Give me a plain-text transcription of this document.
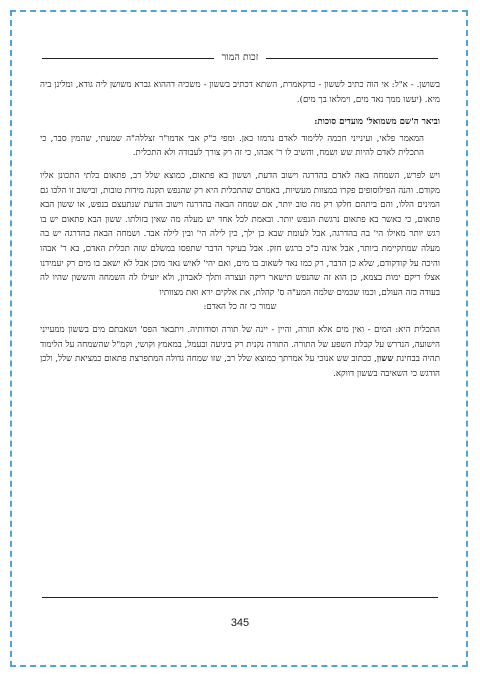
זכות המור

בשושן. - א"ל: אי הוה כתיב לששון - כדקאמרת, השתא דכתיב בששון - משכיה דההוא גברא משושן ליה גודא, ומלינן ביה מיא. (יעשו ממך נאד מים, וימלאו בך מים).

וביאר ה'שם משמואל' מועדים סוכות:

המאמר פלאי, ועינייני חכמה ללימוד לאדם נרמזו כאן. ומפי כ"ק אבי אדמו"ר זצללה"ה שמעתי, שהמין סבר, כי התכלית לאדם להיות שש ושמח, והשיב לו ר' אבהו, כי זה רק צורך לעבודה ולא התכלית.

ויש לפרש, השמחה באה לאדם בהדרגה וישוב הדעת, וששון בא פתאום, כמוצא שלל רב, פתאום בלתי התכונן אליו מקודם. והנה הפילוסופים פקרו במצוות מעשיות, באמרם שהתכלית היא רק שהנפש תקנה מידות טובות, ובישוב זו הלכו גם המינים הללו, והם ביתהם חלקו רק מה טוב יותר, אם שמחה הבאה בהדרגה וישוב הדעת שנתעצם בנפש, או ששון הבא פתאום, כי כאשר בא פתאום נרגשת הנפש יותר. ובאמת לכל אחד יש מעלה מה שאין בזולתו. ששון הבא פתאום יש בו רגש יותר מאילו הי' בה בהדרגה, אבל לעומת שבא כן ילך, כין לילה הי' ובין לילה אבד. ושמחה הבאה בהדרגה יש בה מעלה שמתקיימת ביותר, אבל אינה כ"כ ברגש חזק. אבל בעיקר הדבר שתפסו במשלם שזה תכלית האדם, בא ר' אבהו והיכה על קודקודם, שלא כן הדבר, רק כמו נאד לשאוב בו מים, ואם יהי' לאיש נאד מוכן אבל לא ישאב בו מים רק יעמידנו אצלו ריקם ימות בצמא, כן הוא זה שהנפש תישאר ריקה ועצרה ותלך לאבדון, ולא יועילו לה השמחה והששון שהיו לה בעודה בזה העולם, וכמו שכמים שלמה המע"ה ס' קהלת, את אלקים ירא ואת מצוותיו

שמור כי זה כל האדם:

התכלית היא: המים - ואין מים אלא תורה, והיין - יינה של תורה וסודותיה. ויתבאר הפס' ושאבתם מים בששון ממעייני הישועה, הנדרש על קבלת השפע של התורה. התורה נקנית רק ביגיעה ובעמל, במאמץ וקושי, וקמ"ל שהשמחה על הלימוד תהיה בבחינת ששון, ככתוב שש אנוכי על אמרתך כמוצא שלל רב, שזו שמחה גדולה המתפרצת פתאום כמציאת שלל, ולכן הודגש כי השאיבה בששון דווקא.

345
